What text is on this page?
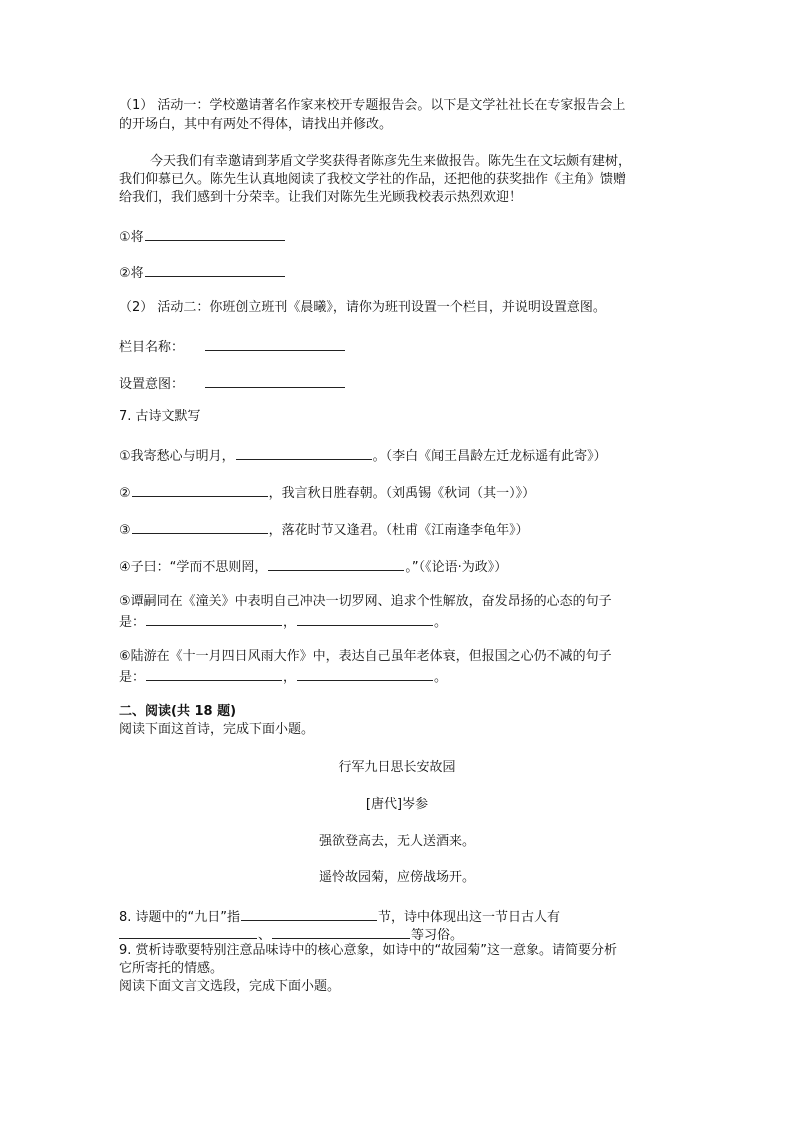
（1） 活动一：学校邀请著名作家来校开专题报告会。以下是文学社社长在专家报告会上
的开场白，其中有两处不得体，请找出并修改。
今天我们有幸邀请到茅盾文学奖获得者陈彦先生来做报告。陈先生在文坛颇有建树，
我们仰慕已久。陈先生认真地阅读了我校文学社的作品，还把他的获奖拙作《主角》馈赠
给我们，我们感到十分荣幸。让我们对陈先生光顾我校表示热烈欢迎！
①将
②将
（2） 活动二：你班创立班刊《晨曦》，请你为班刊设置一个栏目，并说明设置意图。
栏目名称：
设置意图：
7. 古诗文默写
①我寄愁心与明月，	。（李白《闻王昌龄左迁龙标遥有此寄》）
②	，我言秋日胜春朝。（刘禹锡《秋词（其一）》）
③	，落花时节又逢君。（杜甫《江南逢李龟年》）
④子曰：“学而不思则罔，	。”（《论语·为政》）
⑤谭嗣同在《潼关》中表明自己冲决一切罗网、追求个性解放，奋发昂扬的心态的句子
是：	，	。
⑥陆游在《十一月四日风雨大作》中，表达自己虽年老体衰，但报国之心仍不减的句子
是：	，	。
二、阅读(共 18 题)
阅读下面这首诗，完成下面小题。
行军九日思长安故园
[唐代]岑参
强欲登高去，无人送酒来。
遥怜故园菊，应傍战场开。
8. 诗题中的“九日”指	节，诗中体现出这一节日古人有
、	等习俗。
9. 赏析诗歌要特别注意品味诗中的核心意象，如诗中的“故园菊”这一意象。请简要分析
它所寄托的情感。
阅读下面文言文选段，完成下面小题。
